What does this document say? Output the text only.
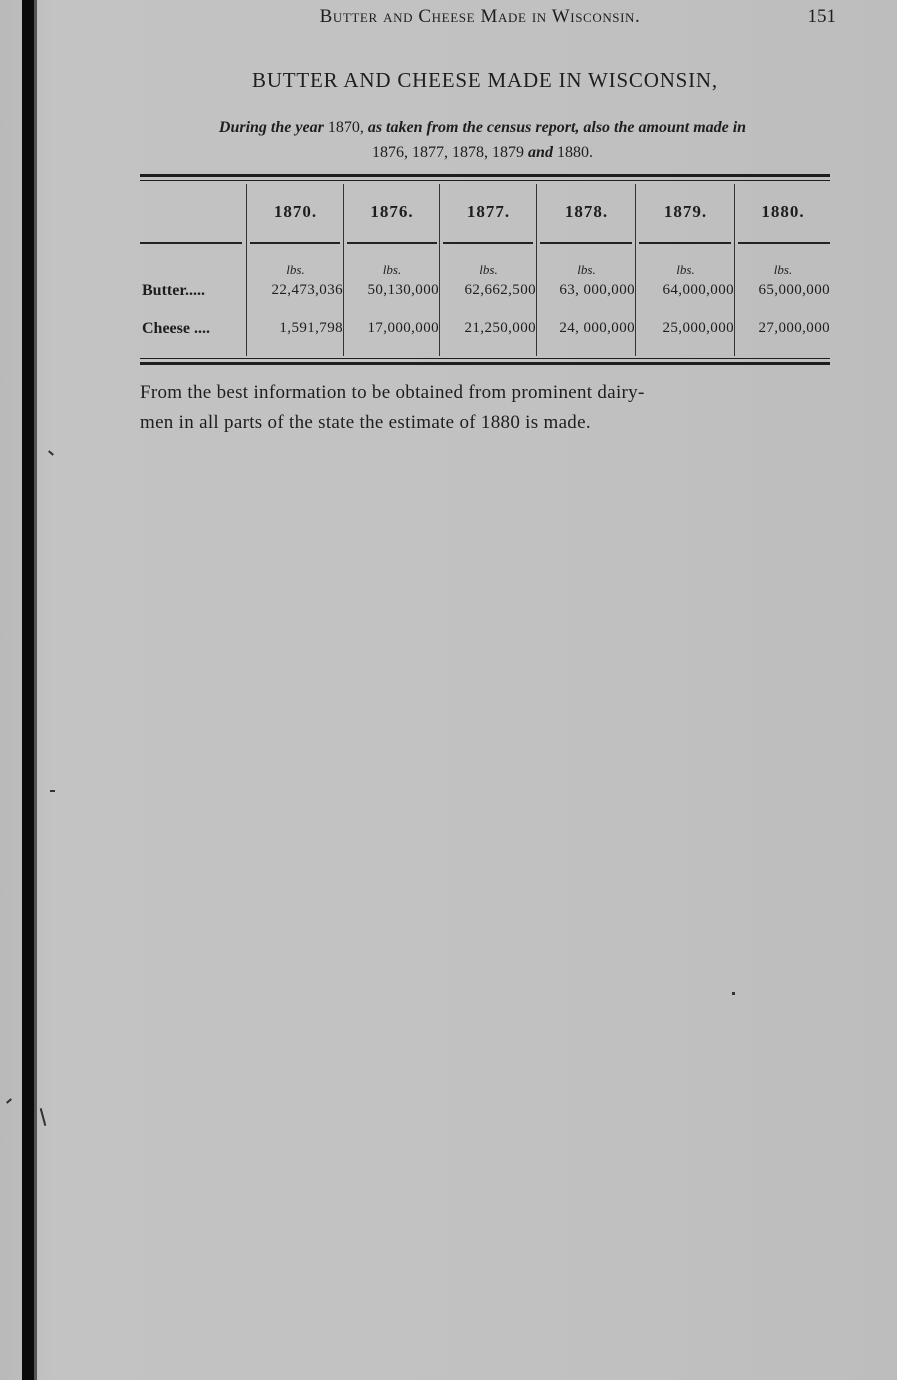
Butter and Cheese Made in Wisconsin.	151
BUTTER AND CHEESE MADE IN WISCONSIN,
During the year 1870, as taken from the census report, also the amount made in
1876, 1877, 1878, 1879 and 1880.
1870.	1876.	1877.	1878.	1879.	1880.
lbs.	lbs.	lbs.	lbs.	lbs.	lbs.
Butter.....	22,473,036	50,130,000	62,662,500	63, 000,000	64,000,000	65,000,000
Cheese ....	1,591,798	17,000,000	21,250,000	24, 000,000	25,000,000	27,000,000
From the best information to be obtained from prominent dairy-
men in all parts of the state the estimate of 1880 is made.
